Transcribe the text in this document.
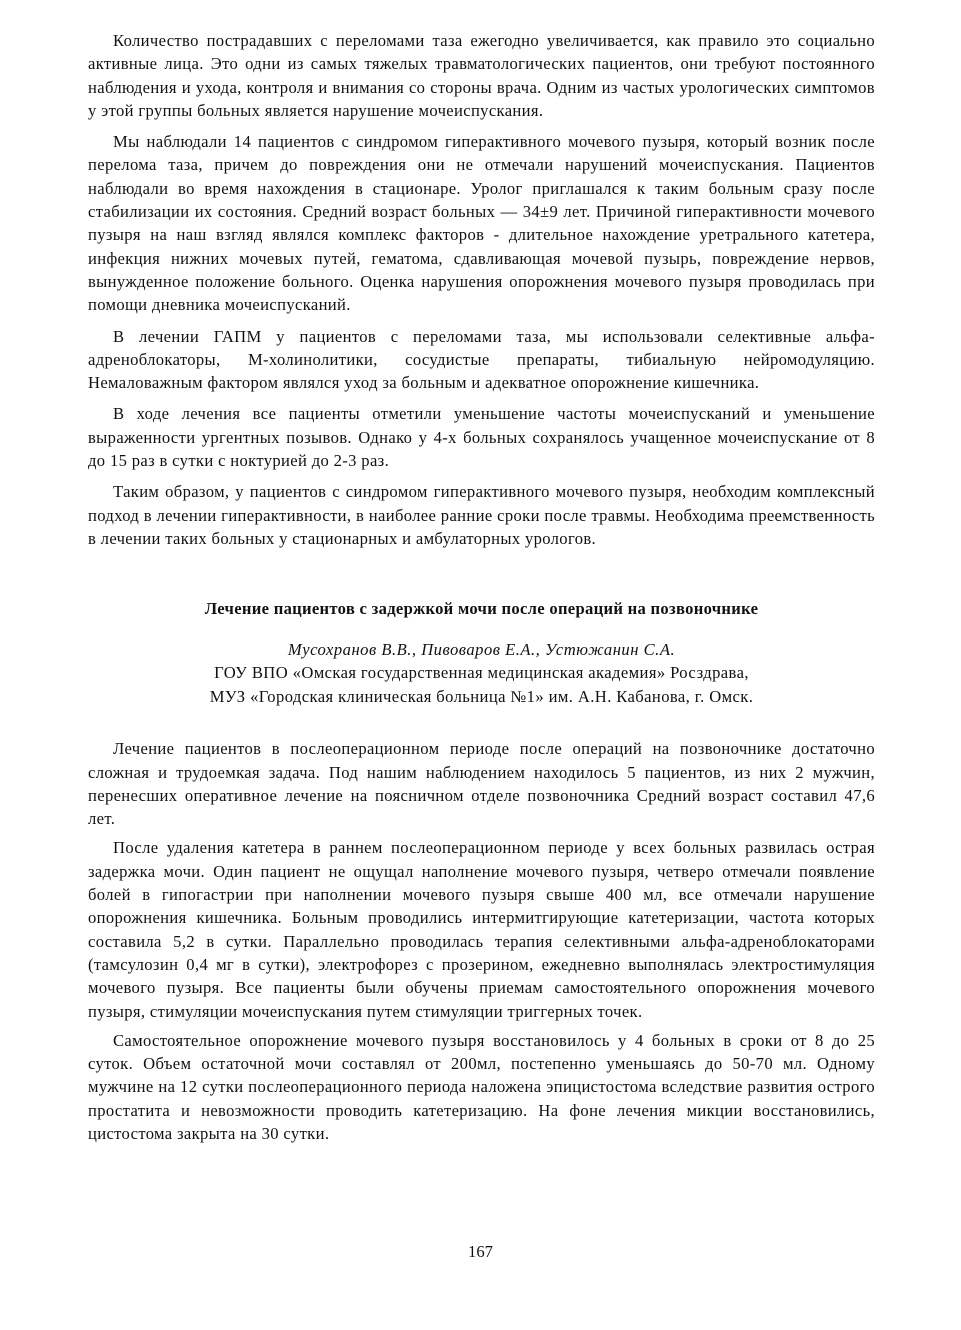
Количество пострадавших с переломами таза ежегодно увеличивается, как правило это социально активные лица. Это одни из самых тяжелых травматологических пациентов, они требуют постоянного наблюдения и ухода, контроля и внимания со стороны врача. Одним из частых урологических симптомов у этой группы больных является нарушение мочеиспускания.

Мы наблюдали 14 пациентов с синдромом гиперактивного мочевого пузыря, который возник после перелома таза, причем до повреждения они не отмечали нарушений мочеиспускания. Пациентов наблюдали во время нахождения в стационаре. Уролог приглашался к таким больным сразу после стабилизации их состояния. Средний возраст больных — 34±9 лет. Причиной гиперактивности мочевого пузыря на наш взгляд являлся комплекс факторов - длительное нахождение уретрального катетера, инфекция нижних мочевых путей, гематома, сдавливающая мочевой пузырь, повреждение нервов, вынужденное положение больного. Оценка нарушения опорожнения мочевого пузыря проводилась при помощи дневника мочеиспусканий.

В лечении ГАПМ у пациентов с переломами таза, мы использовали селективные альфа-адреноблокаторы, М-холинолитики, сосудистые препараты, тибиальную нейромодуляцию. Немаловажным фактором являлся уход за больным и адекватное опорожнение кишечника.

В ходе лечения все пациенты отметили уменьшение частоты мочеиспусканий и уменьшение выраженности ургентных позывов. Однако у 4-х больных сохранялось учащенное мочеиспускание от 8 до 15 раз в сутки с ноктурией до 2-3 раз.

Таким образом, у пациентов с синдромом гиперактивного мочевого пузыря, необходим комплексный подход в лечении гиперактивности, в наиболее ранние сроки после травмы. Необходима преемственность в лечении таких больных у стационарных и амбулаторных урологов.

Лечение пациентов с задержкой мочи после операций на позвоночнике

Мусохранов В.В., Пивоваров Е.А., Устюжанин С.А.

ГОУ ВПО «Омская государственная медицинская академия» Росздрава,

МУЗ «Городская клиническая больница №1» им. А.Н. Кабанова, г. Омск.

Лечение пациентов в послеоперационном периоде после операций на позвоночнике достаточно сложная и трудоемкая задача. Под нашим наблюдением находилось 5 пациентов, из них 2 мужчин, перенесших оперативное лечение на поясничном отделе позвоночника Средний возраст составил 47,6 лет.

После удаления катетера в раннем послеоперационном периоде у всех больных развилась острая задержка мочи. Один пациент не ощущал наполнение мочевого пузыря, четверо отмечали появление болей в гипогастрии при наполнении мочевого пузыря свыше 400 мл, все отмечали нарушение опорожнения кишечника. Больным проводились интермитгирующие катетеризации, частота которых составила 5,2 в сутки. Параллельно проводилась терапия селективными альфа-адреноблокаторами (тамсулозин 0,4 мг в сутки), электрофорез с прозерином, ежедневно выполнялась электростимуляция мочевого пузыря. Все пациенты были обучены приемам самостоятельного опорожнения мочевого пузыря, стимуляции мочеиспускания путем стимуляции триггерных точек.

Самостоятельное опорожнение мочевого пузыря восстановилось у 4 больных в сроки от 8 до 25 суток. Объем остаточной мочи составлял от 200мл, постепенно уменьшаясь до 50-70 мл. Одному мужчине на 12 сутки послеоперационного периода наложена эпицистостома вследствие развития острого простатита и невозможности проводить катетеризацию. На фоне лечения микции восстановились, цистостома закрыта на 30 сутки.

167
